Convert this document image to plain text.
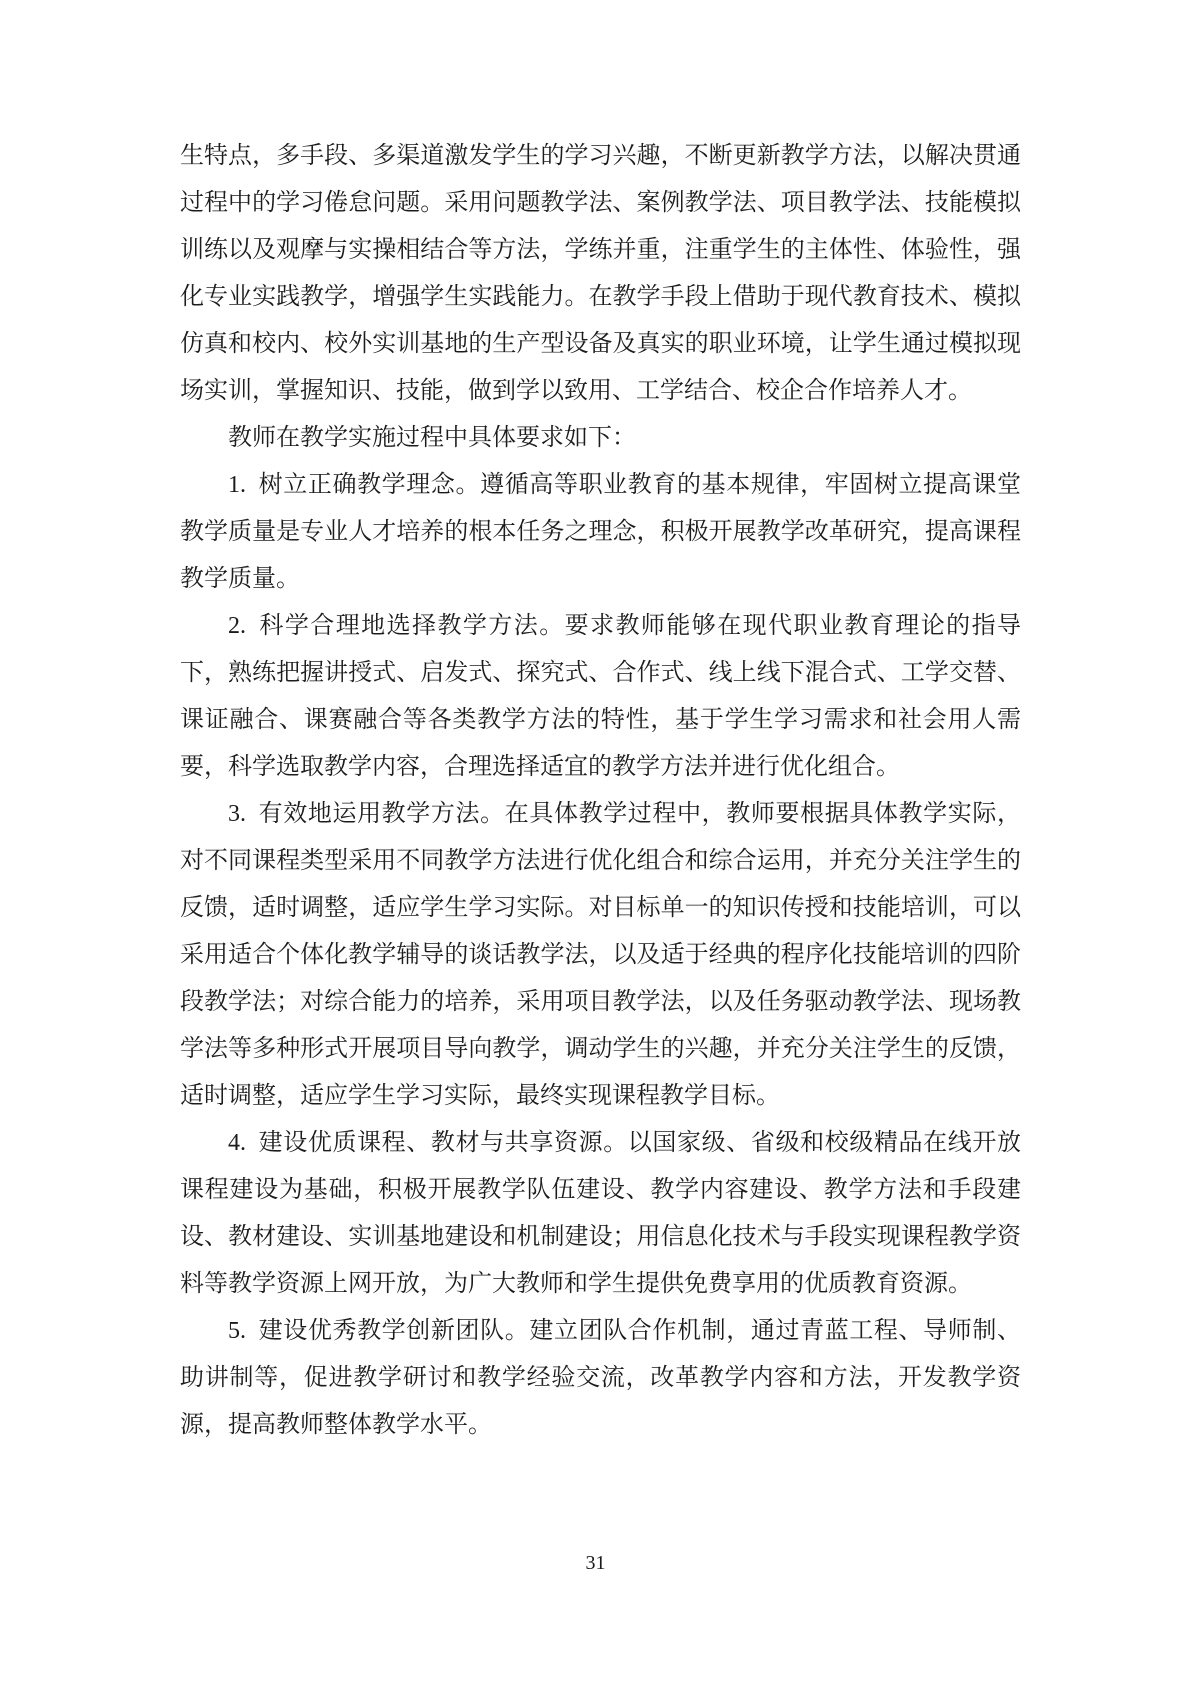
生特点，多手段、多渠道激发学生的学习兴趣，不断更新教学方法，以解决贯通过程中的学习倦怠问题。采用问题教学法、案例教学法、项目教学法、技能模拟训练以及观摩与实操相结合等方法，学练并重，注重学生的主体性、体验性，强化专业实践教学，增强学生实践能力。在教学手段上借助于现代教育技术、模拟仿真和校内、校外实训基地的生产型设备及真实的职业环境，让学生通过模拟现场实训，掌握知识、技能，做到学以致用、工学结合、校企合作培养人才。

教师在教学实施过程中具体要求如下：

1. 树立正确教学理念。遵循高等职业教育的基本规律，牢固树立提高课堂教学质量是专业人才培养的根本任务之理念，积极开展教学改革研究，提高课程教学质量。

2. 科学合理地选择教学方法。要求教师能够在现代职业教育理论的指导下，熟练把握讲授式、启发式、探究式、合作式、线上线下混合式、工学交替、课证融合、课赛融合等各类教学方法的特性，基于学生学习需求和社会用人需要，科学选取教学内容，合理选择适宜的教学方法并进行优化组合。

3. 有效地运用教学方法。在具体教学过程中，教师要根据具体教学实际，对不同课程类型采用不同教学方法进行优化组合和综合运用，并充分关注学生的反馈，适时调整，适应学生学习实际。对目标单一的知识传授和技能培训，可以采用适合个体化教学辅导的谈话教学法，以及适于经典的程序化技能培训的四阶段教学法；对综合能力的培养，采用项目教学法，以及任务驱动教学法、现场教学法等多种形式开展项目导向教学，调动学生的兴趣，并充分关注学生的反馈，适时调整，适应学生学习实际，最终实现课程教学目标。

4. 建设优质课程、教材与共享资源。以国家级、省级和校级精品在线开放课程建设为基础，积极开展教学队伍建设、教学内容建设、教学方法和手段建设、教材建设、实训基地建设和机制建设；用信息化技术与手段实现课程教学资料等教学资源上网开放，为广大教师和学生提供免费享用的优质教育资源。

5. 建设优秀教学创新团队。建立团队合作机制，通过青蓝工程、导师制、助讲制等，促进教学研讨和教学经验交流，改革教学内容和方法，开发教学资源，提高教师整体教学水平。

31
